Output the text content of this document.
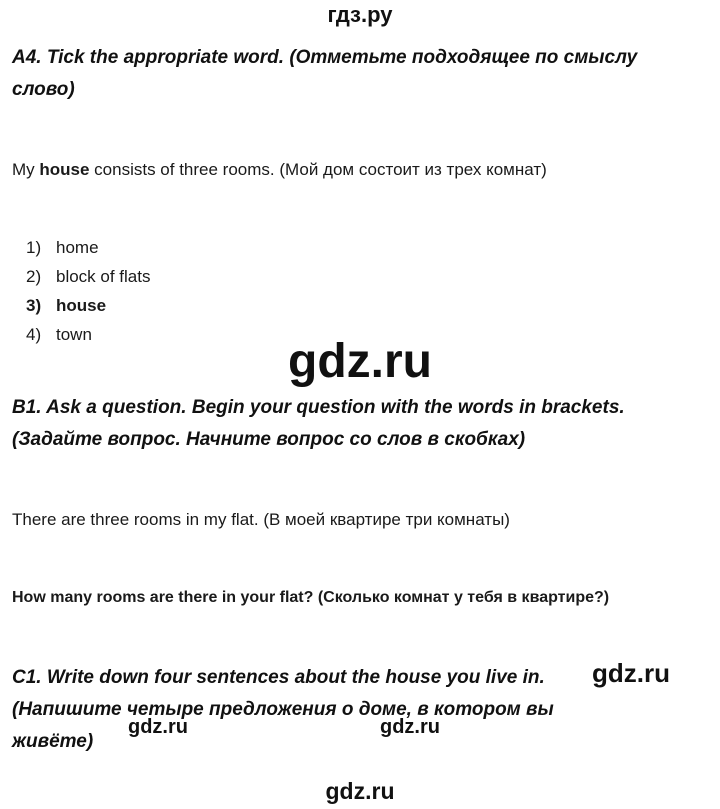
гдз.ру
A4. Tick the appropriate word. (Отметьте подходящее по смыслу
слово)
My house consists of three rooms. (Мой дом состоит из трех комнат)
1) home
2) block of flats
3) house
4) town
gdz.ru
B1. Ask a question. Begin your question with the words in brackets.
(Задайте вопрос. Начните вопрос со слов в скобках)
There are three rooms in my flat. (В моей квартире три комнаты)
How many rooms are there in your flat? (Сколько комнат у тебя в квартире?)
C1. Write down four sentences about the house you live in. gdz.ru
(Напишите четыре предложения о доме, в котором вы
живёте)
gdz.ru	gdz.ru
gdz.ru
